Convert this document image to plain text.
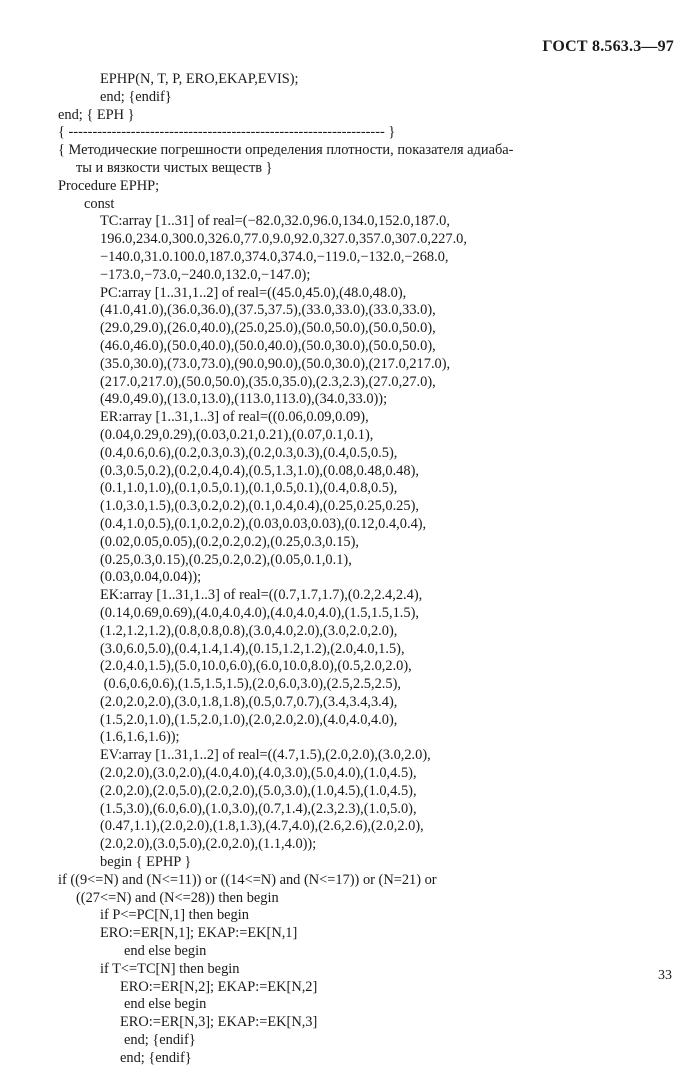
ГОСТ 8.563.3—97
EPHP(N, T, P, ERO,EKAP,EVIS);
end; {endif}
end; { EPH }
{ ------------------------------------------------------------------ }
{ Методические погрешности определения плотности, показателя адиаба-
ты и вязкости чистых веществ }
Procedure EPHP;
const
TC:array [1..31] of real=(−82.0,32.0,96.0,134.0,152.0,187.0,
196.0,234.0,300.0,326.0,77.0,9.0,92.0,327.0,357.0,307.0,227.0,
−140.0,31.0.100.0,187.0,374.0,374.0,−119.0,−132.0,−268.0,
−173.0,−73.0,−240.0,132.0,−147.0);
PC:array [1..31,1..2] of real=((45.0,45.0),(48.0,48.0),
(41.0,41.0),(36.0,36.0),(37.5,37.5),(33.0,33.0),(33.0,33.0),
(29.0,29.0),(26.0,40.0),(25.0,25.0),(50.0,50.0),(50.0,50.0),
(46.0,46.0),(50.0,40.0),(50.0,40.0),(50.0,30.0),(50.0,50.0),
(35.0,30.0),(73.0,73.0),(90.0,90.0),(50.0,30.0),(217.0,217.0),
(217.0,217.0),(50.0,50.0),(35.0,35.0),(2.3,2.3),(27.0,27.0),
(49.0,49.0),(13.0,13.0),(113.0,113.0),(34.0,33.0));
ER:array [1..31,1..3] of real=((0.06,0.09,0.09),
(0.04,0.29,0.29),(0.03,0.21,0.21),(0.07,0.1,0.1),
(0.4,0.6,0.6),(0.2,0.3,0.3),(0.2,0.3,0.3),(0.4,0.5,0.5),
(0.3,0.5,0.2),(0.2,0.4,0.4),(0.5,1.3,1.0),(0.08,0.48,0.48),
(0.1,1.0,1.0),(0.1,0.5,0.1),(0.1,0.5,0.1),(0.4,0.8,0.5),
(1.0,3.0,1.5),(0.3,0.2,0.2),(0.1,0.4,0.4),(0.25,0.25,0.25),
(0.4,1.0,0.5),(0.1,0.2,0.2),(0.03,0.03,0.03),(0.12,0.4,0.4),
(0.02,0.05,0.05),(0.2,0.2,0.2),(0.25,0.3,0.15),
(0.25,0.3,0.15),(0.25,0.2,0.2),(0.05,0.1,0.1),
(0.03,0.04,0.04));
EK:array [1..31,1..3] of real=((0.7,1.7,1.7),(0.2,2.4,2.4),
(0.14,0.69,0.69),(4.0,4.0,4.0),(4.0,4.0,4.0),(1.5,1.5,1.5),
(1.2,1.2,1.2),(0.8,0.8,0.8),(3.0,4.0,2.0),(3.0,2.0,2.0),
(3.0,6.0,5.0),(0.4,1.4,1.4),(0.15,1.2,1.2),(2.0,4.0,1.5),
(2.0,4.0,1.5),(5.0,10.0,6.0),(6.0,10.0,8.0),(0.5,2.0,2.0),
(0.6,0.6,0.6),(1.5,1.5,1.5),(2.0,6.0,3.0),(2.5,2.5,2.5),
(2.0,2.0,2.0),(3.0,1.8,1.8),(0.5,0.7,0.7),(3.4,3.4,3.4),
(1.5,2.0,1.0),(1.5,2.0,1.0),(2.0,2.0,2.0),(4.0,4.0,4.0),
(1.6,1.6,1.6));
EV:array [1..31,1..2] of real=((4.7,1.5),(2.0,2.0),(3.0,2.0),
(2.0,2.0),(3.0,2.0),(4.0,4.0),(4.0,3.0),(5.0,4.0),(1.0,4.5),
(2.0,2.0),(2.0,5.0),(2.0,2.0),(5.0,3.0),(1.0,4.5),(1.0,4.5),
(1.5,3.0),(6.0,6.0),(1.0,3.0),(0.7,1.4),(2.3,2.3),(1.0,5.0),
(0.47,1.1),(2.0,2.0),(1.8,1.3),(4.7,4.0),(2.6,2.6),(2.0,2.0),
(2.0,2.0),(3.0,5.0),(2.0,2.0),(1.1,4.0));
begin { EPHP }
if ((9<=N) and (N<=11)) or ((14<=N) and (N<=17)) or (N=21) or
((27<=N) and (N<=28)) then begin
if P<=PC[N,1] then begin
ERO:=ER[N,1]; EKAP:=EK[N,1]
end else begin
if T<=TC[N] then begin
ERO:=ER[N,2]; EKAP:=EK[N,2]
end else begin
ERO:=ER[N,3]; EKAP:=EK[N,3]
end; {endif}
end; {endif}
33
